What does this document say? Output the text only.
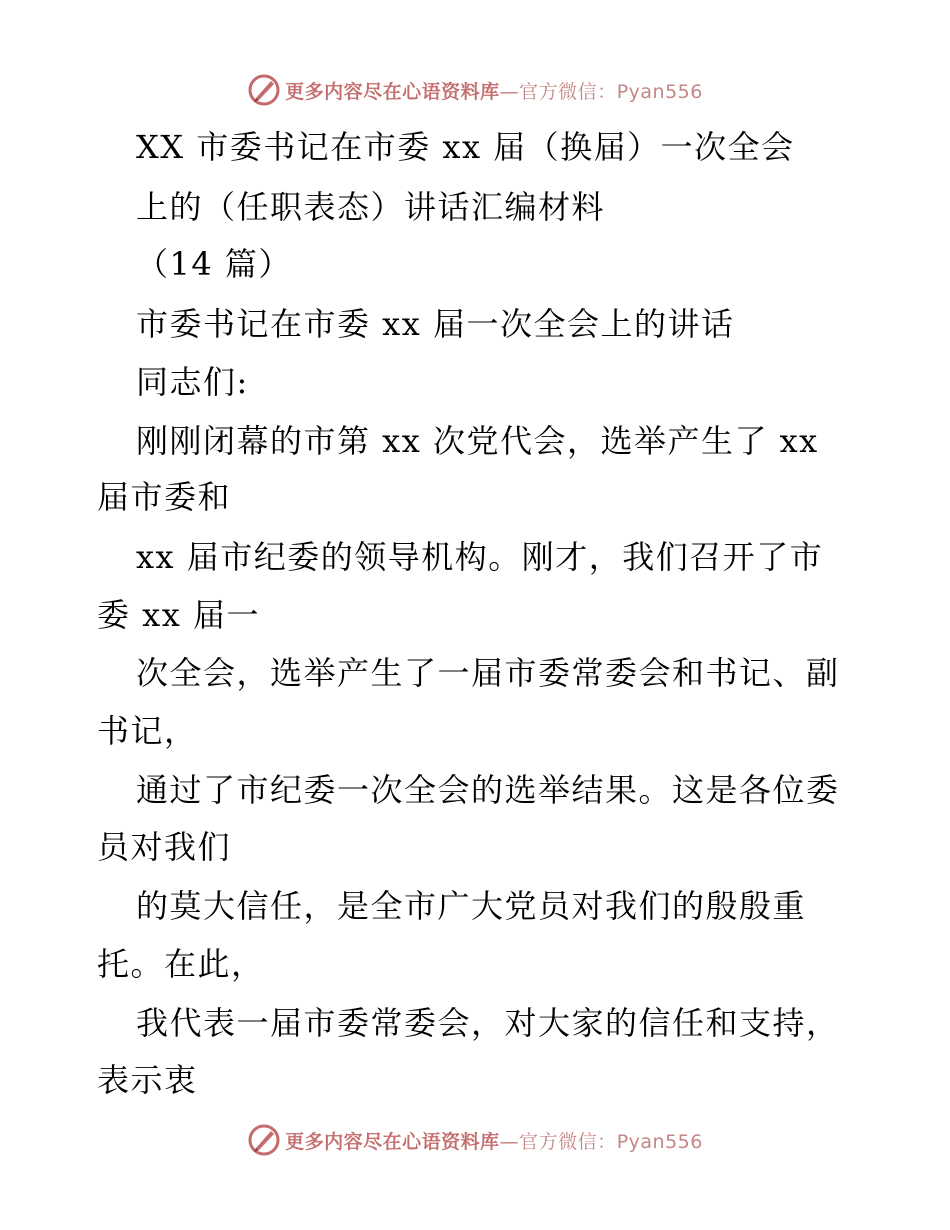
更多内容尽在心语资料库—官方微信：Pyan556
XX 市委书记在市委 xx 届（换届）一次全会
上的（任职表态）讲话汇编材料
（14 篇）
市委书记在市委 xx 届一次全会上的讲话
同志们:
刚刚闭幕的市第 xx 次党代会，选举产生了 xx
届市委和
xx 届市纪委的领导机构。刚才，我们召开了市
委 xx 届一
次全会，选举产生了一届市委常委会和书记、副
书记，
通过了市纪委一次全会的选举结果。这是各位委
员对我们
的莫大信任，是全市广大党员对我们的殷殷重
托。在此，
我代表一届市委常委会，对大家的信任和支持，
表示衷
更多内容尽在心语资料库—官方微信：Pyan556
